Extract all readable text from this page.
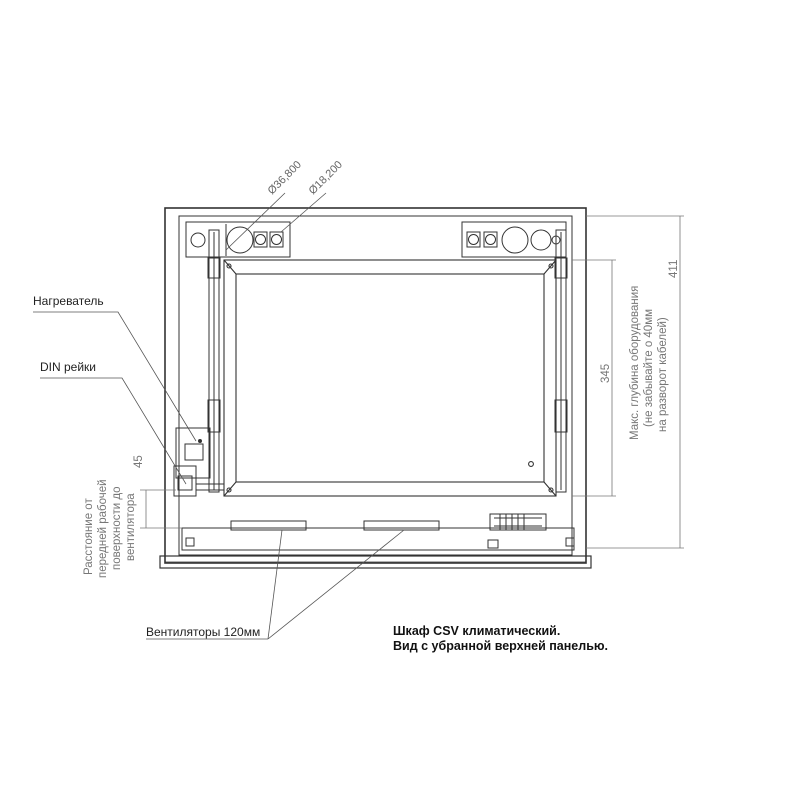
Ø36,800 Ø18,200
Нагреватель
DIN рейки
Расстояние от передней рабочей поверхности до вентилятора
45
345
411
Макс. глубина оборудования (не забывайте о 40мм на разворот кабелей)
Вентиляторы 120мм	Шкаф CSV климатический.
Вид с убранной верхней панелью.
